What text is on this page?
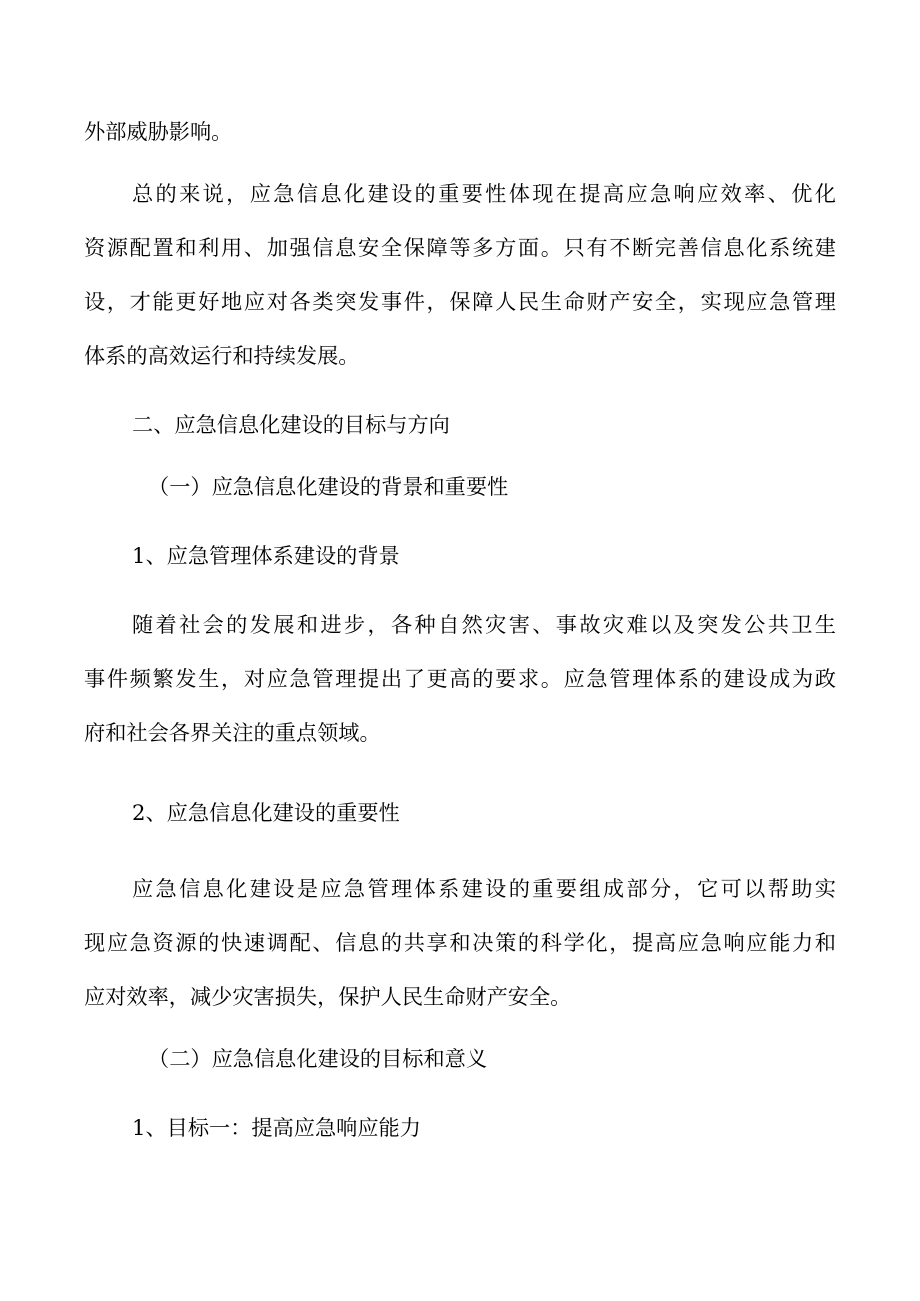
外部威胁影响。
总的来说，应急信息化建设的重要性体现在提高应急响应效率、优化
资源配置和利用、加强信息安全保障等多方面。只有不断完善信息化系统建
设，才能更好地应对各类突发事件，保障人民生命财产安全，实现应急管理
体系的高效运行和持续发展。
二、应急信息化建设的目标与方向
（一）应急信息化建设的背景和重要性
1、应急管理体系建设的背景
随着社会的发展和进步，各种自然灾害、事故灾难以及突发公共卫生
事件频繁发生，对应急管理提出了更高的要求。应急管理体系的建设成为政
府和社会各界关注的重点领域。
2、应急信息化建设的重要性
应急信息化建设是应急管理体系建设的重要组成部分，它可以帮助实
现应急资源的快速调配、信息的共享和决策的科学化，提高应急响应能力和
应对效率，减少灾害损失，保护人民生命财产安全。
（二）应急信息化建设的目标和意义
1、目标一：提高应急响应能力
